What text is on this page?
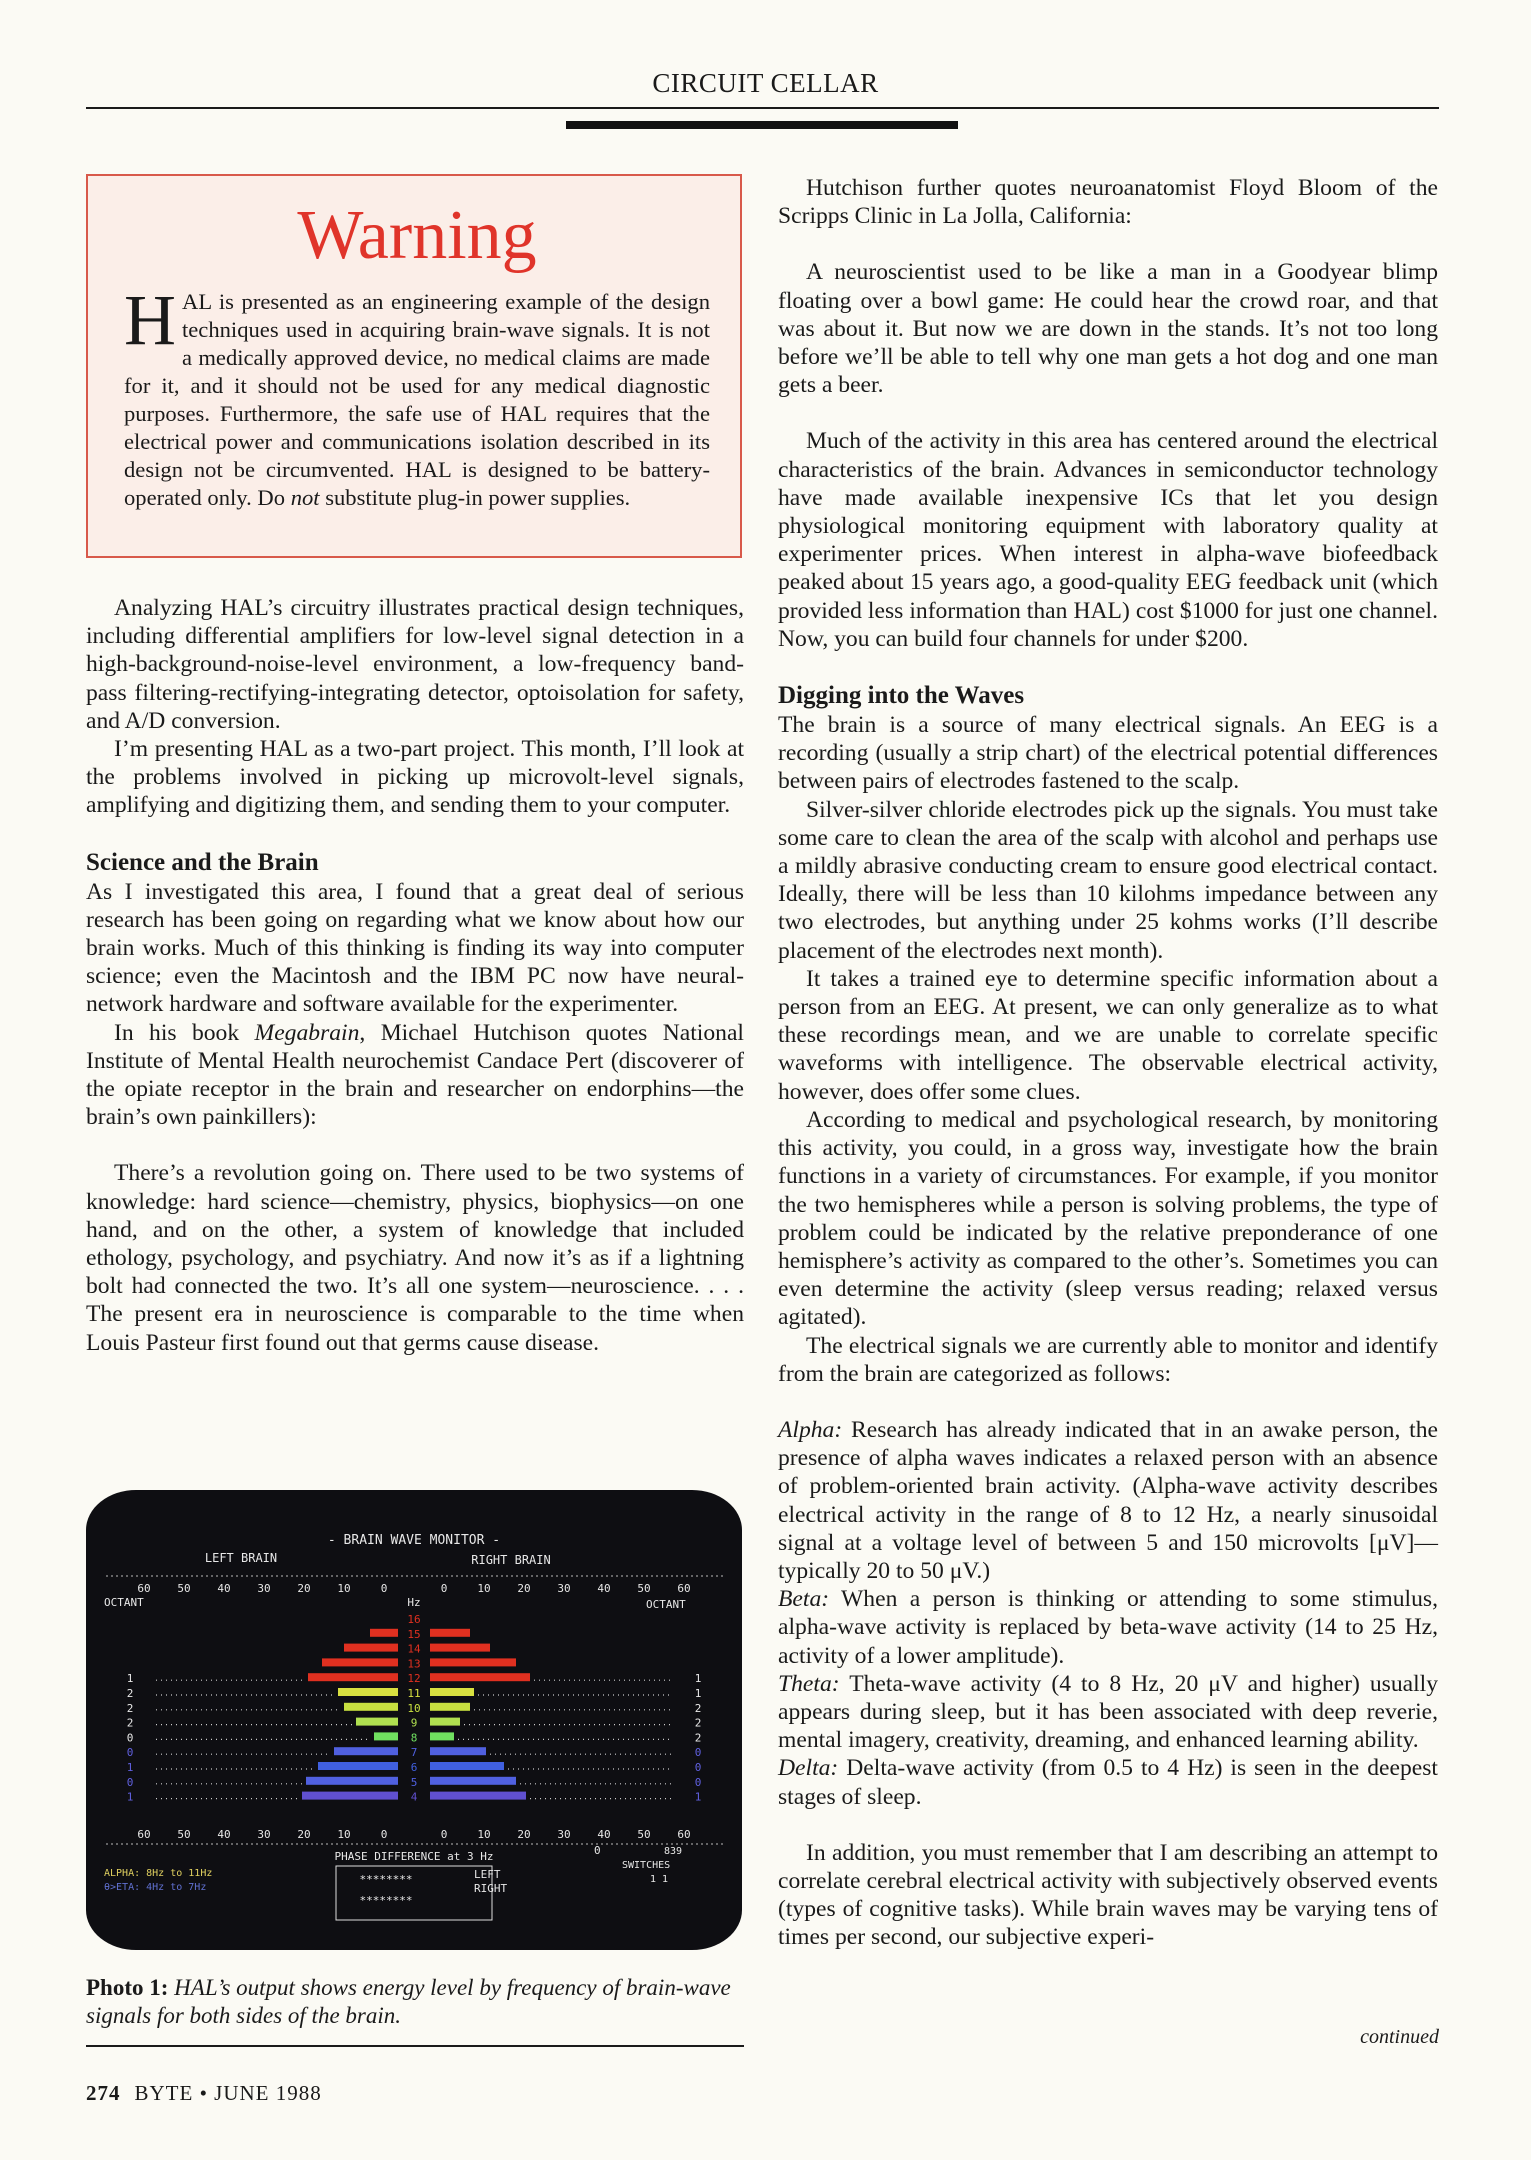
CIRCUIT CELLAR
Warning

HAL is presented as an engineering example of the design techniques used in acquiring brain-wave signals. It is not a medically approved device, no medical claims are made for it, and it should not be used for any medical diagnostic purposes. Furthermore, the safe use of HAL requires that the electrical power and communications isolation described in its design not be circumvented. HAL is designed to be battery-operated only. Do not substitute plug-in power supplies.

Analyzing HAL’s circuitry illustrates practical design techniques, including differential amplifiers for low-level signal detection in a high-background-noise-level environment, a low-frequency band-pass filtering-rectifying-integrating detector, optoisolation for safety, and A/D conversion.

I’m presenting HAL as a two-part project. This month, I’ll look at the problems involved in picking up microvolt-level signals, amplifying and digitizing them, and sending them to your computer.

Science and the Brain

As I investigated this area, I found that a great deal of serious research has been going on regarding what we know about how our brain works. Much of this thinking is finding its way into computer science; even the Macintosh and the IBM PC now have neural-network hardware and software available for the experimenter.

In his book Megabrain, Michael Hutchison quotes National Institute of Mental Health neurochemist Candace Pert (discoverer of the opiate receptor in the brain and researcher on endorphins—the brain’s own painkillers):

There’s a revolution going on. There used to be two systems of knowledge: hard science—chemistry, physics, biophysics—on one hand, and on the other, a system of knowledge that included ethology, psychology, and psychiatry. And now it’s as if a lightning bolt had connected the two. It’s all one system—neuroscience. . . . The present era in neuroscience is comparable to the time when Louis Pasteur first found out that germs cause disease.

- BRAIN WAVE MONITOR -
LEFT BRAIN	RIGHT BRAIN
OCTANT	OCTANT
Hz
60 50 40 30 20 10	0	0	10 20 30 40 50 60
60 50 40 30 20 10	0	0	10 20 30 40 50 60
16
15
14
13
12
11
10
9
8
7
6
5
4
1
2
2
2
0
0
1
0
1
1
1
2
2
2
0
0
0
1
PHASE DIFFERENCE at 3 Hz
********
********
LEFT
RIGHT
0	839
SWITCHES
1 1
ALPHA: 8Hz to 11Hz
θ>ETA: 4Hz to 7Hz
Photo 1: HAL’s output shows energy level by frequency of brain-wave signals for both sides of the brain.

Hutchison further quotes neuroanatomist Floyd Bloom of the Scripps Clinic in La Jolla, California:

A neuroscientist used to be like a man in a Goodyear blimp floating over a bowl game: He could hear the crowd roar, and that was about it. But now we are down in the stands. It’s not too long before we’ll be able to tell why one man gets a hot dog and one man gets a beer.

Much of the activity in this area has centered around the electrical characteristics of the brain. Advances in semiconductor technology have made available inexpensive ICs that let you design physiological monitoring equipment with laboratory quality at experimenter prices. When interest in alpha-wave biofeedback peaked about 15 years ago, a good-quality EEG feedback unit (which provided less information than HAL) cost $1000 for just one channel. Now, you can build four channels for under $200.

Digging into the Waves

The brain is a source of many electrical signals. An EEG is a recording (usually a strip chart) of the electrical potential differences between pairs of electrodes fastened to the scalp.

Silver-silver chloride electrodes pick up the signals. You must take some care to clean the area of the scalp with alcohol and perhaps use a mildly abrasive conducting cream to ensure good electrical contact. Ideally, there will be less than 10 kilohms impedance between any two electrodes, but anything under 25 kohms works (I’ll describe placement of the electrodes next month).

It takes a trained eye to determine specific information about a person from an EEG. At present, we can only generalize as to what these recordings mean, and we are unable to correlate specific waveforms with intelligence. The observable electrical activity, however, does offer some clues.

According to medical and psychological research, by monitoring this activity, you could, in a gross way, investigate how the brain functions in a variety of circumstances. For example, if you monitor the two hemispheres while a person is solving problems, the type of problem could be indicated by the relative preponderance of one hemisphere’s activity as compared to the other’s. Sometimes you can even determine the activity (sleep versus reading; relaxed versus agitated).

The electrical signals we are currently able to monitor and identify from the brain are categorized as follows:

Alpha: Research has already indicated that in an awake person, the presence of alpha waves indicates a relaxed person with an absence of problem-oriented brain activity. (Alpha-wave activity describes electrical activity in the range of 8 to 12 Hz, a nearly sinusoidal signal at a voltage level of between 5 and 150 microvolts [μV]—typically 20 to 50 μV.)

Beta: When a person is thinking or attending to some stimulus, alpha-wave activity is replaced by beta-wave activity (14 to 25 Hz, activity of a lower amplitude).

Theta: Theta-wave activity (4 to 8 Hz, 20 μV and higher) usually appears during sleep, but it has been associated with deep reverie, mental imagery, creativity, dreaming, and enhanced learning ability.

Delta: Delta-wave activity (from 0.5 to 4 Hz) is seen in the deepest stages of sleep.

In addition, you must remember that I am describing an attempt to correlate cerebral electrical activity with subjectively observed events (types of cognitive tasks). While brain waves may be varying tens of times per second, our subjective experi-

continued
274 BYTE • JUNE 1988
